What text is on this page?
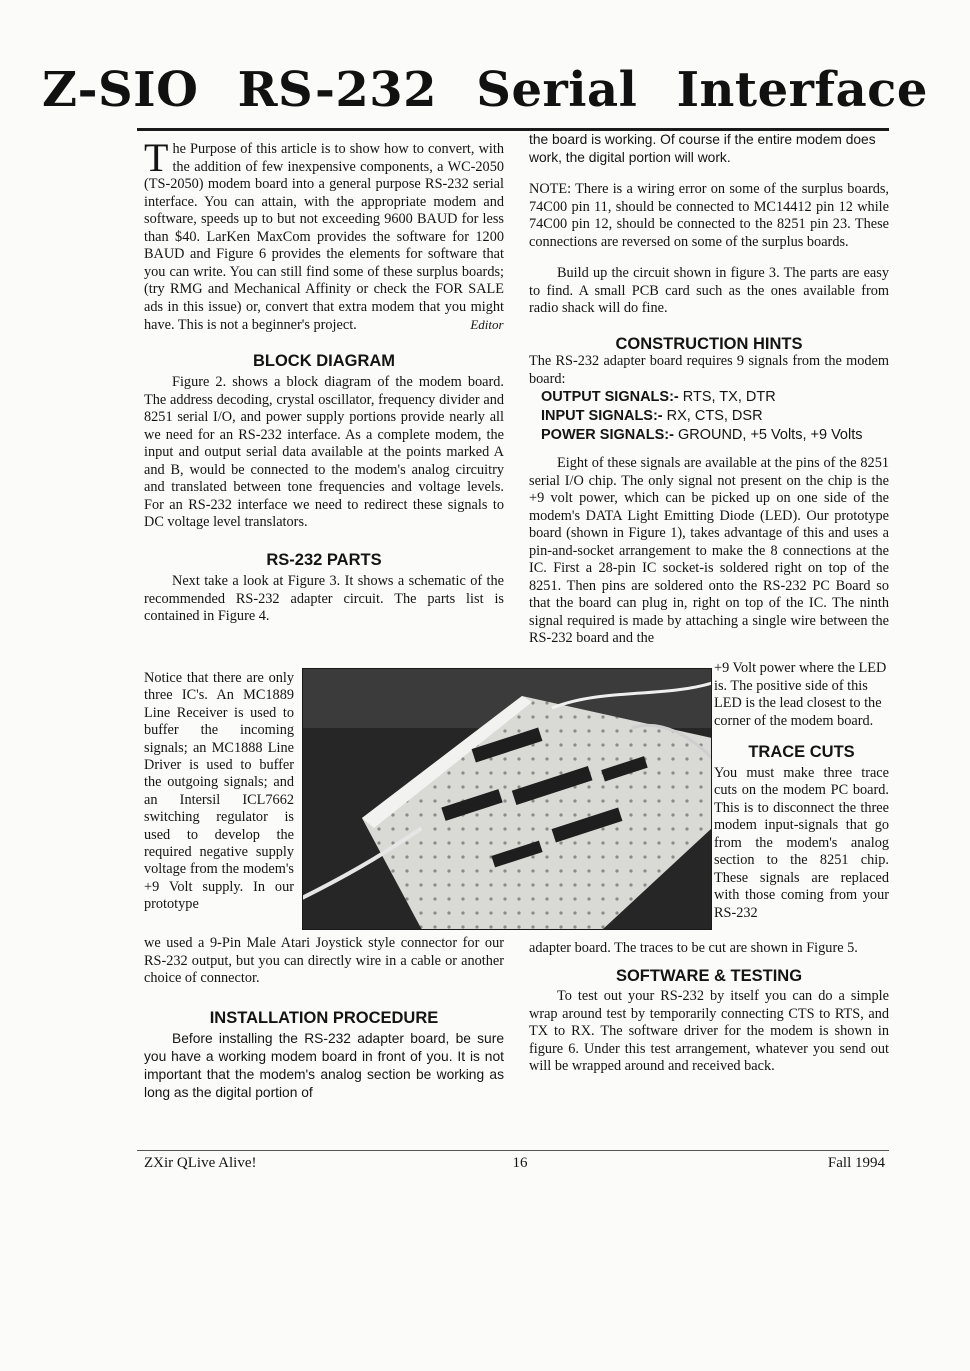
Z-SIO RS-232 Serial Interface

The Purpose of this article is to show how to convert, with the addition of few inexpensive components, a WC-2050 (TS-2050) modem board into a general purpose RS-232 serial interface. You can attain, with the appropriate modem and software, speeds up to but not exceeding 9600 BAUD for less than $40. LarKen MaxCom provides the software for 1200 BAUD and Figure 6 provides the elements for software that you can write. You can still find some of these surplus boards; (try RMG and Mechanical Affinity or check the FOR SALE ads in this issue) or, convert that extra modem that you might have. This is not a beginner's project.	Editor

BLOCK DIAGRAM

Figure 2. shows a block diagram of the modem board. The address decoding, crystal oscillator, frequency divider and 8251 serial I/O, and power supply portions provide nearly all we need for an RS-232 interface. As a complete modem, the input and output serial data available at the points marked A and B, would be connected to the modem's analog circuitry and translated between tone frequencies and voltage levels. For an RS-232 interface we need to redirect these signals to DC voltage level translators.

RS-232 PARTS

Next take a look at Figure 3. It shows a schematic of the recommended RS-232 adapter circuit. The parts list is contained in Figure 4.

Notice that there are only three IC's. An MC1889 Line Receiver is used to buffer the incoming signals; an MC1888 Line Driver is used to buffer the outgoing signals; and an Intersil ICL7662 switching regulator is used to develop the required negative supply voltage from the modem's +9 Volt supply. In our prototype

we used a 9-Pin Male Atari Joystick style connector for our RS-232 output, but you can directly wire in a cable or another choice of connector.

INSTALLATION PROCEDURE

Before installing the RS-232 adapter board, be sure you have a working modem board in front of you. It is not important that the modem's analog section be working as long as the digital portion of

the board is working. Of course if the entire modem does work, the digital portion will work.

NOTE: There is a wiring error on some of the surplus boards, 74C00 pin 11, should be connected to MC14412 pin 12 while 74C00 pin 12, should be connected to the 8251 pin 23. These connections are reversed on some of the surplus boards.

Build up the circuit shown in figure 3. The parts are easy to find. A small PCB card such as the ones available from radio shack will do fine.

CONSTRUCTION HINTS

The RS-232 adapter board requires 9 signals from the modem board:

OUTPUT SIGNALS:- RTS, TX, DTR
INPUT SIGNALS:- RX, CTS, DSR
POWER SIGNALS:- GROUND, +5 Volts, +9 Volts

Eight of these signals are available at the pins of the 8251 serial I/O chip. The only signal not present on the chip is the +9 volt power, which can be picked up on one side of the modem's DATA Light Emitting Diode (LED). Our prototype board (shown in Figure 1), takes advantage of this and uses a pin-and-socket arrangement to make the 8 connections at the IC. First a 28-pin IC socket-is soldered right on top of the 8251. Then pins are soldered onto the RS-232 PC Board so that the board can plug in, right on top of the IC. The ninth signal required is made by attaching a single wire between the RS-232 board and the

+9 Volt power where the LED is. The positive side of this LED is the lead closest to the corner of the modem board.

TRACE CUTS

You must make three trace cuts on the modem PC board. This is to disconnect the three modem input-signals that go from the modem's analog section to the 8251 chip. These signals are replaced with those coming from your RS-232

adapter board. The traces to be cut are shown in Figure 5.

SOFTWARE & TESTING

To test out your RS-232 by itself you can do a simple wrap around test by temporarily connecting CTS to RTS, and TX to RX. The software driver for the modem is shown in figure 6. Under this test arrangement, whatever you send out will be wrapped around and received back.

ZXir QLive Alive!	16	Fall 1994
